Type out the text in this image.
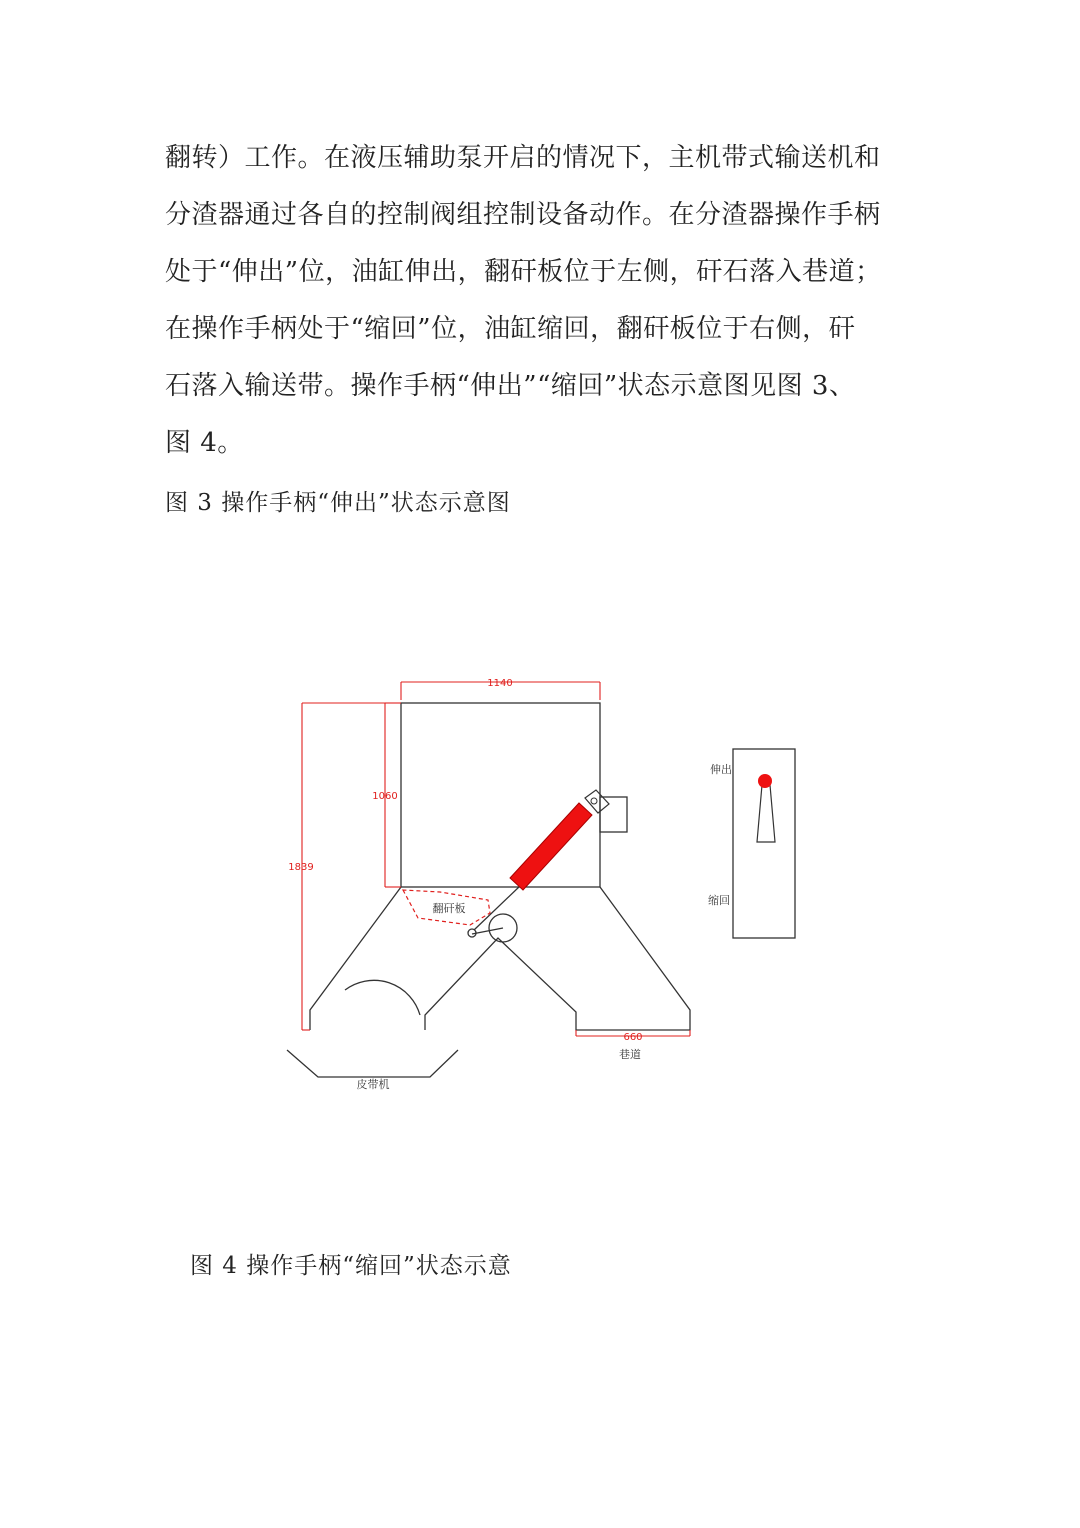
翻转）工作。在液压辅助泵开启的情况下，主机带式输送机和
分渣器通过各自的控制阀组控制设备动作。在分渣器操作手柄
处于“伸出”位，油缸伸出，翻矸板位于左侧，矸石落入巷道；
在操作手柄处于“缩回”位，油缸缩回，翻矸板位于右侧，矸
石落入输送带。操作手柄“伸出”“缩回”状态示意图见图 3、
图 4。

图 3 操作手柄“伸出”状态示意图

1140
1060
1839
660
翻矸板
皮带机
巷道
伸出
缩回

图 4 操作手柄“缩回”状态示意
